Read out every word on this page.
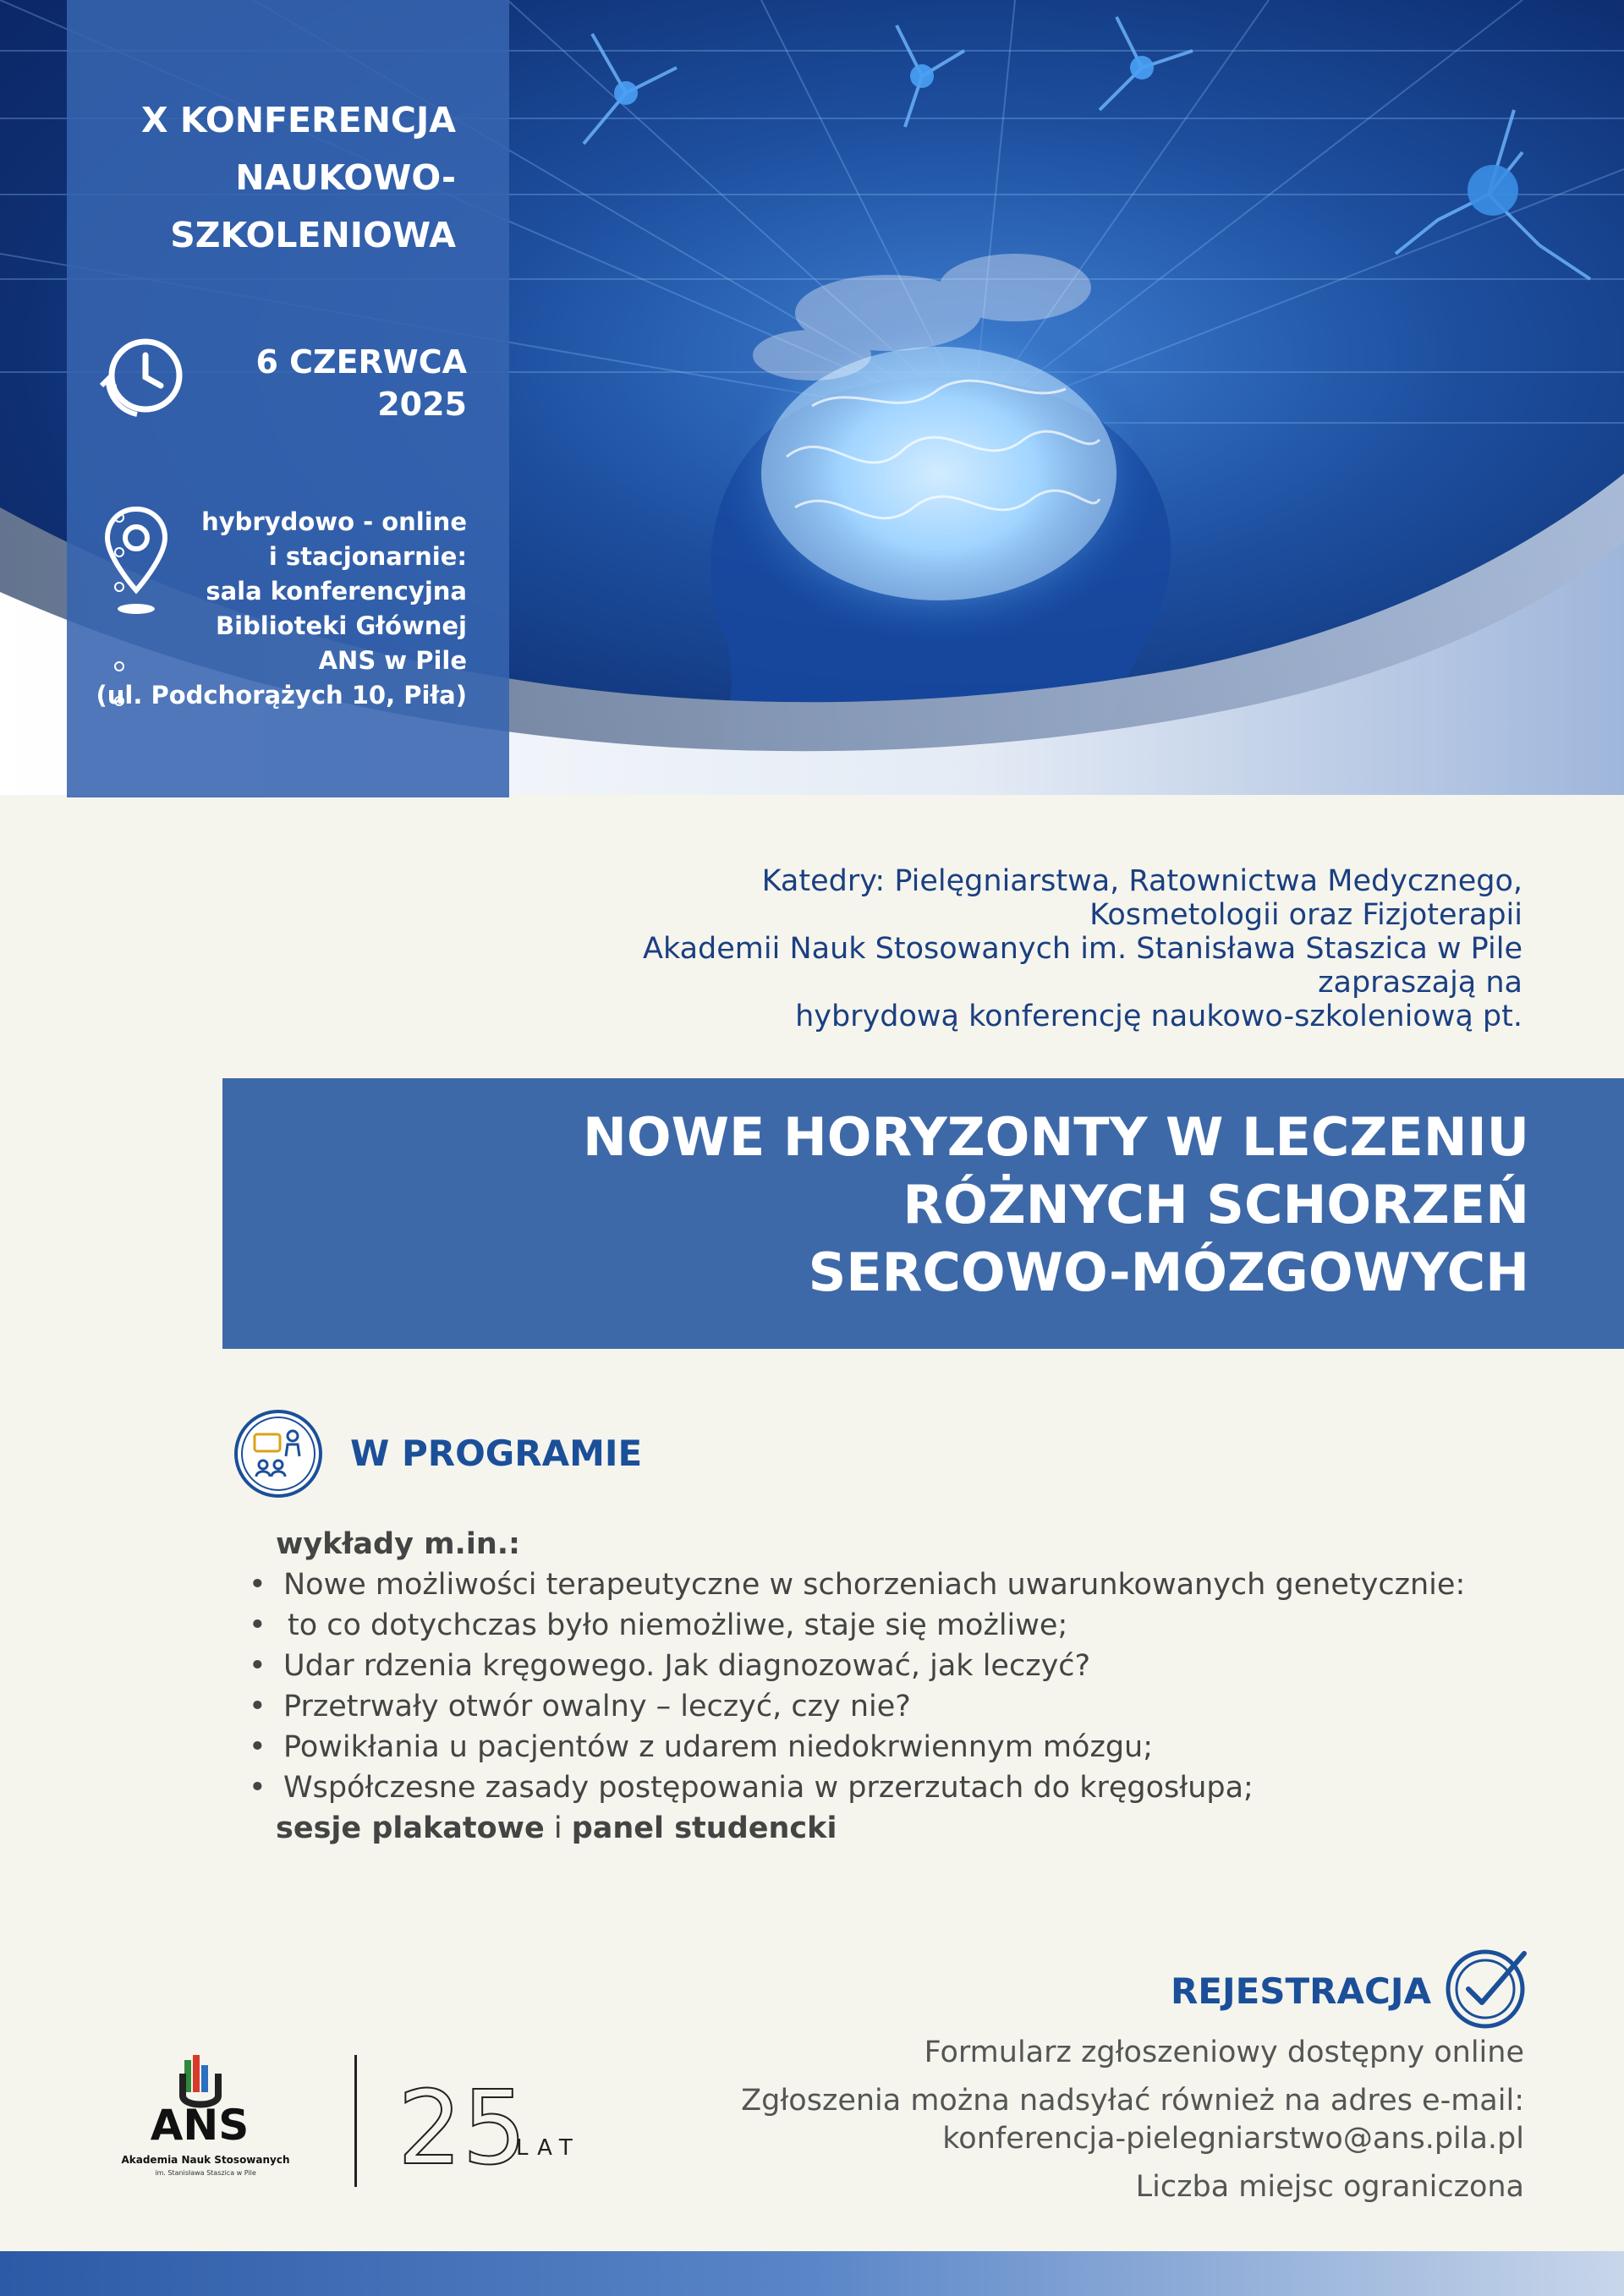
X KONFERENCJA NAUKOWO-SZKOLENIOWA
6 CZERWCA 2025
hybrydowo - online
i stacjonarnie:
sala konferencyjna
Biblioteki Głównej
ANS w Pile
(ul. Podchorążych 10, Piła)
Katedry: Pielęgniarstwa, Ratownictwa Medycznego,
Kosmetologii oraz Fizjoterapii
Akademii Nauk Stosowanych im. Stanisława Staszica w Pile
zapraszają na
hybrydową konferencję naukowo-szkoleniową pt.
NOWE HORYZONTY W LECZENIU
RÓŻNYCH SCHORZEŃ
SERCOWO-MÓZGOWYCH
W PROGRAMIE
wykłady m.in.:
• Nowe możliwości terapeutyczne w schorzeniach uwarunkowanych genetycznie:
• to co dotychczas było niemożliwe, staje się możliwe;
• Udar rdzenia kręgowego. Jak diagnozować, jak leczyć?
• Przetrwały otwór owalny – leczyć, czy nie?
• Powikłania u pacjentów z udarem niedokrwiennym mózgu;
• Współczesne zasady postępowania w przerzutach do kręgosłupa;
sesje plakatowe i panel studencki
REJESTRACJA

Formularz zgłoszeniowy dostępny online

Zgłoszenia można nadsyłać również na adres e-mail:
konferencja-pielegniarstwo@ans.pila.pl

Liczba miejsc ograniczona

ANS
Akademia Nauk Stosowanych
im. Stanisława Staszica w Pile 25
LAT
